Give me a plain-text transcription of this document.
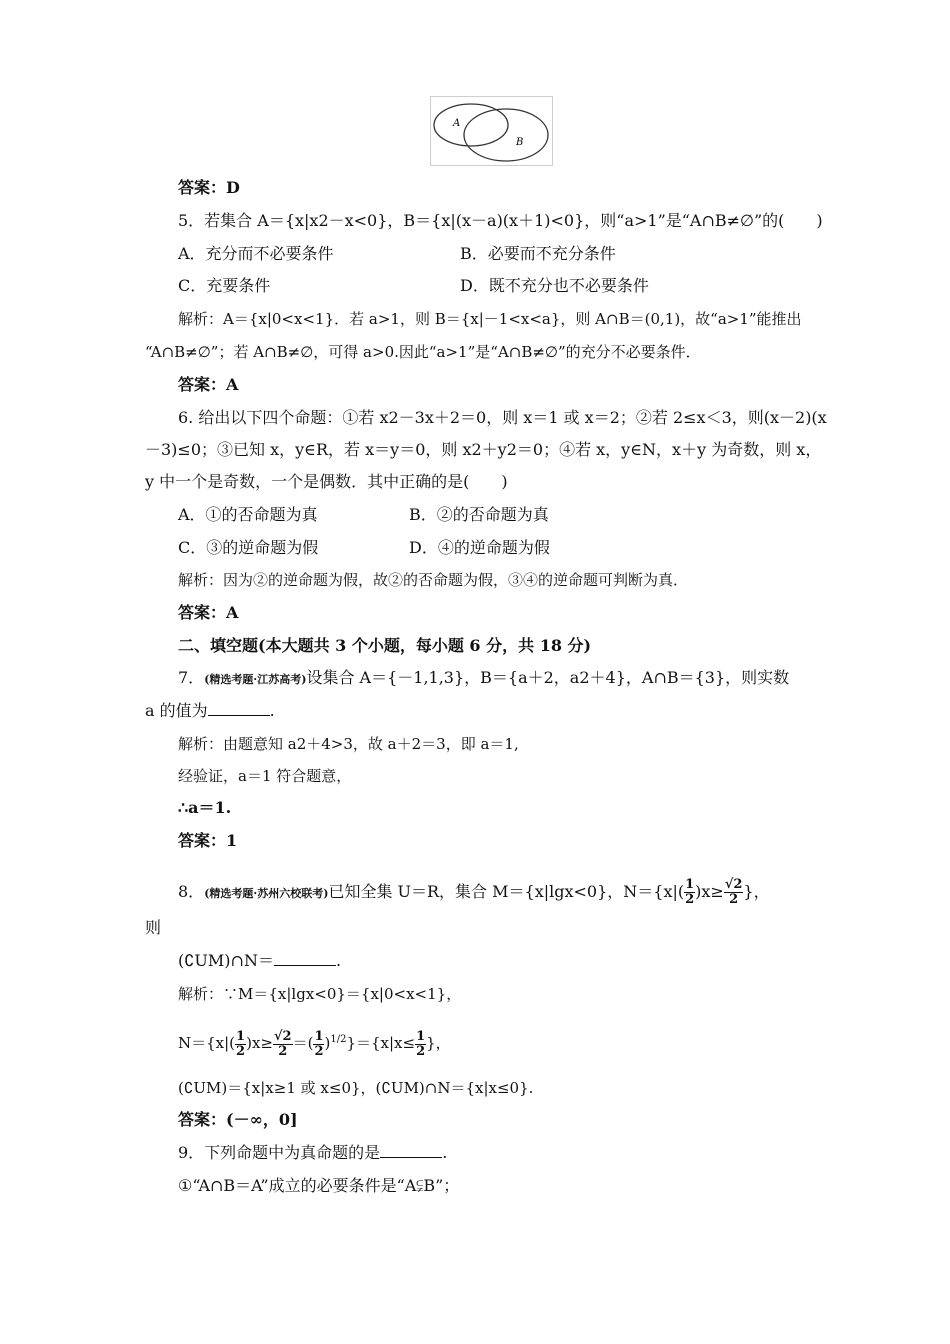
A
B
答案：D
5．若集合 A＝{x|x2－x<0}，B＝{x|(x－a)(x＋1)<0}，则“a>1”是“A∩B≠∅”的(　　)
A．充分而不必要条件	B．必要而不充分条件
C．充要条件	D．既不充分也不必要条件
解析：A＝{x|0<x<1}．若 a>1，则 B＝{x|－1<x<a}，则 A∩B＝(0,1)，故“a>1”能推出
“A∩B≠∅”；若 A∩B≠∅，可得 a>0.因此“a>1”是“A∩B≠∅”的充分不必要条件．
答案：A
6. 给出以下四个命题：①若 x2－3x＋2＝0，则 x＝1 或 x＝2；②若 2≤x＜3，则(x－2)(x
－3)≤0；③已知 x，y∈R，若 x＝y＝0，则 x2＋y2＝0；④若 x，y∈N，x＋y 为奇数，则 x，
y 中一个是奇数，一个是偶数．其中正确的是(　　)
A．①的否命题为真	B．②的否命题为真
C．③的逆命题为假	D．④的逆命题为假
解析：因为②的逆命题为假，故②的否命题为假，③④的逆命题可判断为真．
答案：A
二、填空题(本大题共 3 个小题，每小题 6 分，共 18 分)
7．(精选考题·江苏高考)设集合 A＝{－1,1,3}，B＝{a＋2，a2＋4}，A∩B＝{3}，则实数
a 的值为	.
解析：由题意知 a2＋4>3，故 a＋2＝3，即 a＝1,
经验证，a＝1 符合题意，
∴a＝1.
答案：1
8．(精选考题·苏州六校联考)已知全集 U＝R，集合 M＝{x|lgx<0}，$N=\{x|( \frac{1}{2} )x\ge \frac{√2}{2}$ }，
则
(∁UM)∩N＝	.
解析：∵M＝{x|lgx<0}＝{x|0<x<1}，
$N=\{x|( \frac{1}{2} )x\ge \frac{√2}{2}$ ＝( $\frac{1}{2} )^{1/2}\}=\{x|x\le \frac{1}{2}$ }，
(∁UM)＝{x|x≥1 或 x≤0}，(∁UM)∩N＝{x|x≤0}.
答案：(－∞，0]
9．下列命题中为真命题的是	.
①“A∩B＝A”成立的必要条件是“A⫋B”；
